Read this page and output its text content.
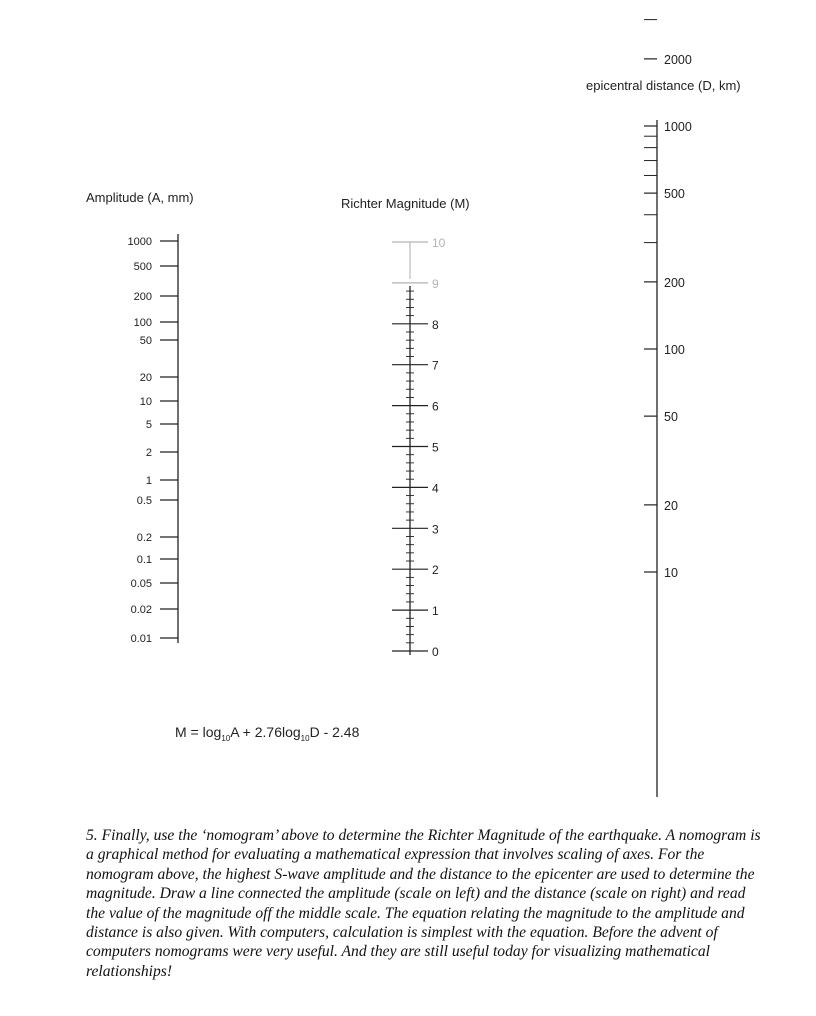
Amplitude (A, mm)	Richter Magnitude (M)
epicentral distance (D, km)
1000
500
200
100
50
20
10
5
2
1
0.5
0.2
0.1
0.05
0.02
0.01
10
9
8
7
6
5
4
3
2
1
0
2000
1000
500
200
100
50
20
10
$M = \log_{10}A + 2.76\log_{10}D - 2.48$
5. Finally, use the ‘nomogram’ above to determine the Richter Magnitude of the earthquake. A nomogram is a graphical method for evaluating a mathematical expression that involves scaling of axes. For the nomogram above, the highest S-wave amplitude and the distance to the epicenter are used to determine the magnitude. Draw a line connected the amplitude (scale on left) and the distance (scale on right) and read the value of the magnitude off the middle scale. The equation relating the magnitude to the amplitude and distance is also given. With computers, calculation is simplest with the equation. Before the advent of computers nomograms were very useful. And they are still useful today for visualizing mathematical relationships!
